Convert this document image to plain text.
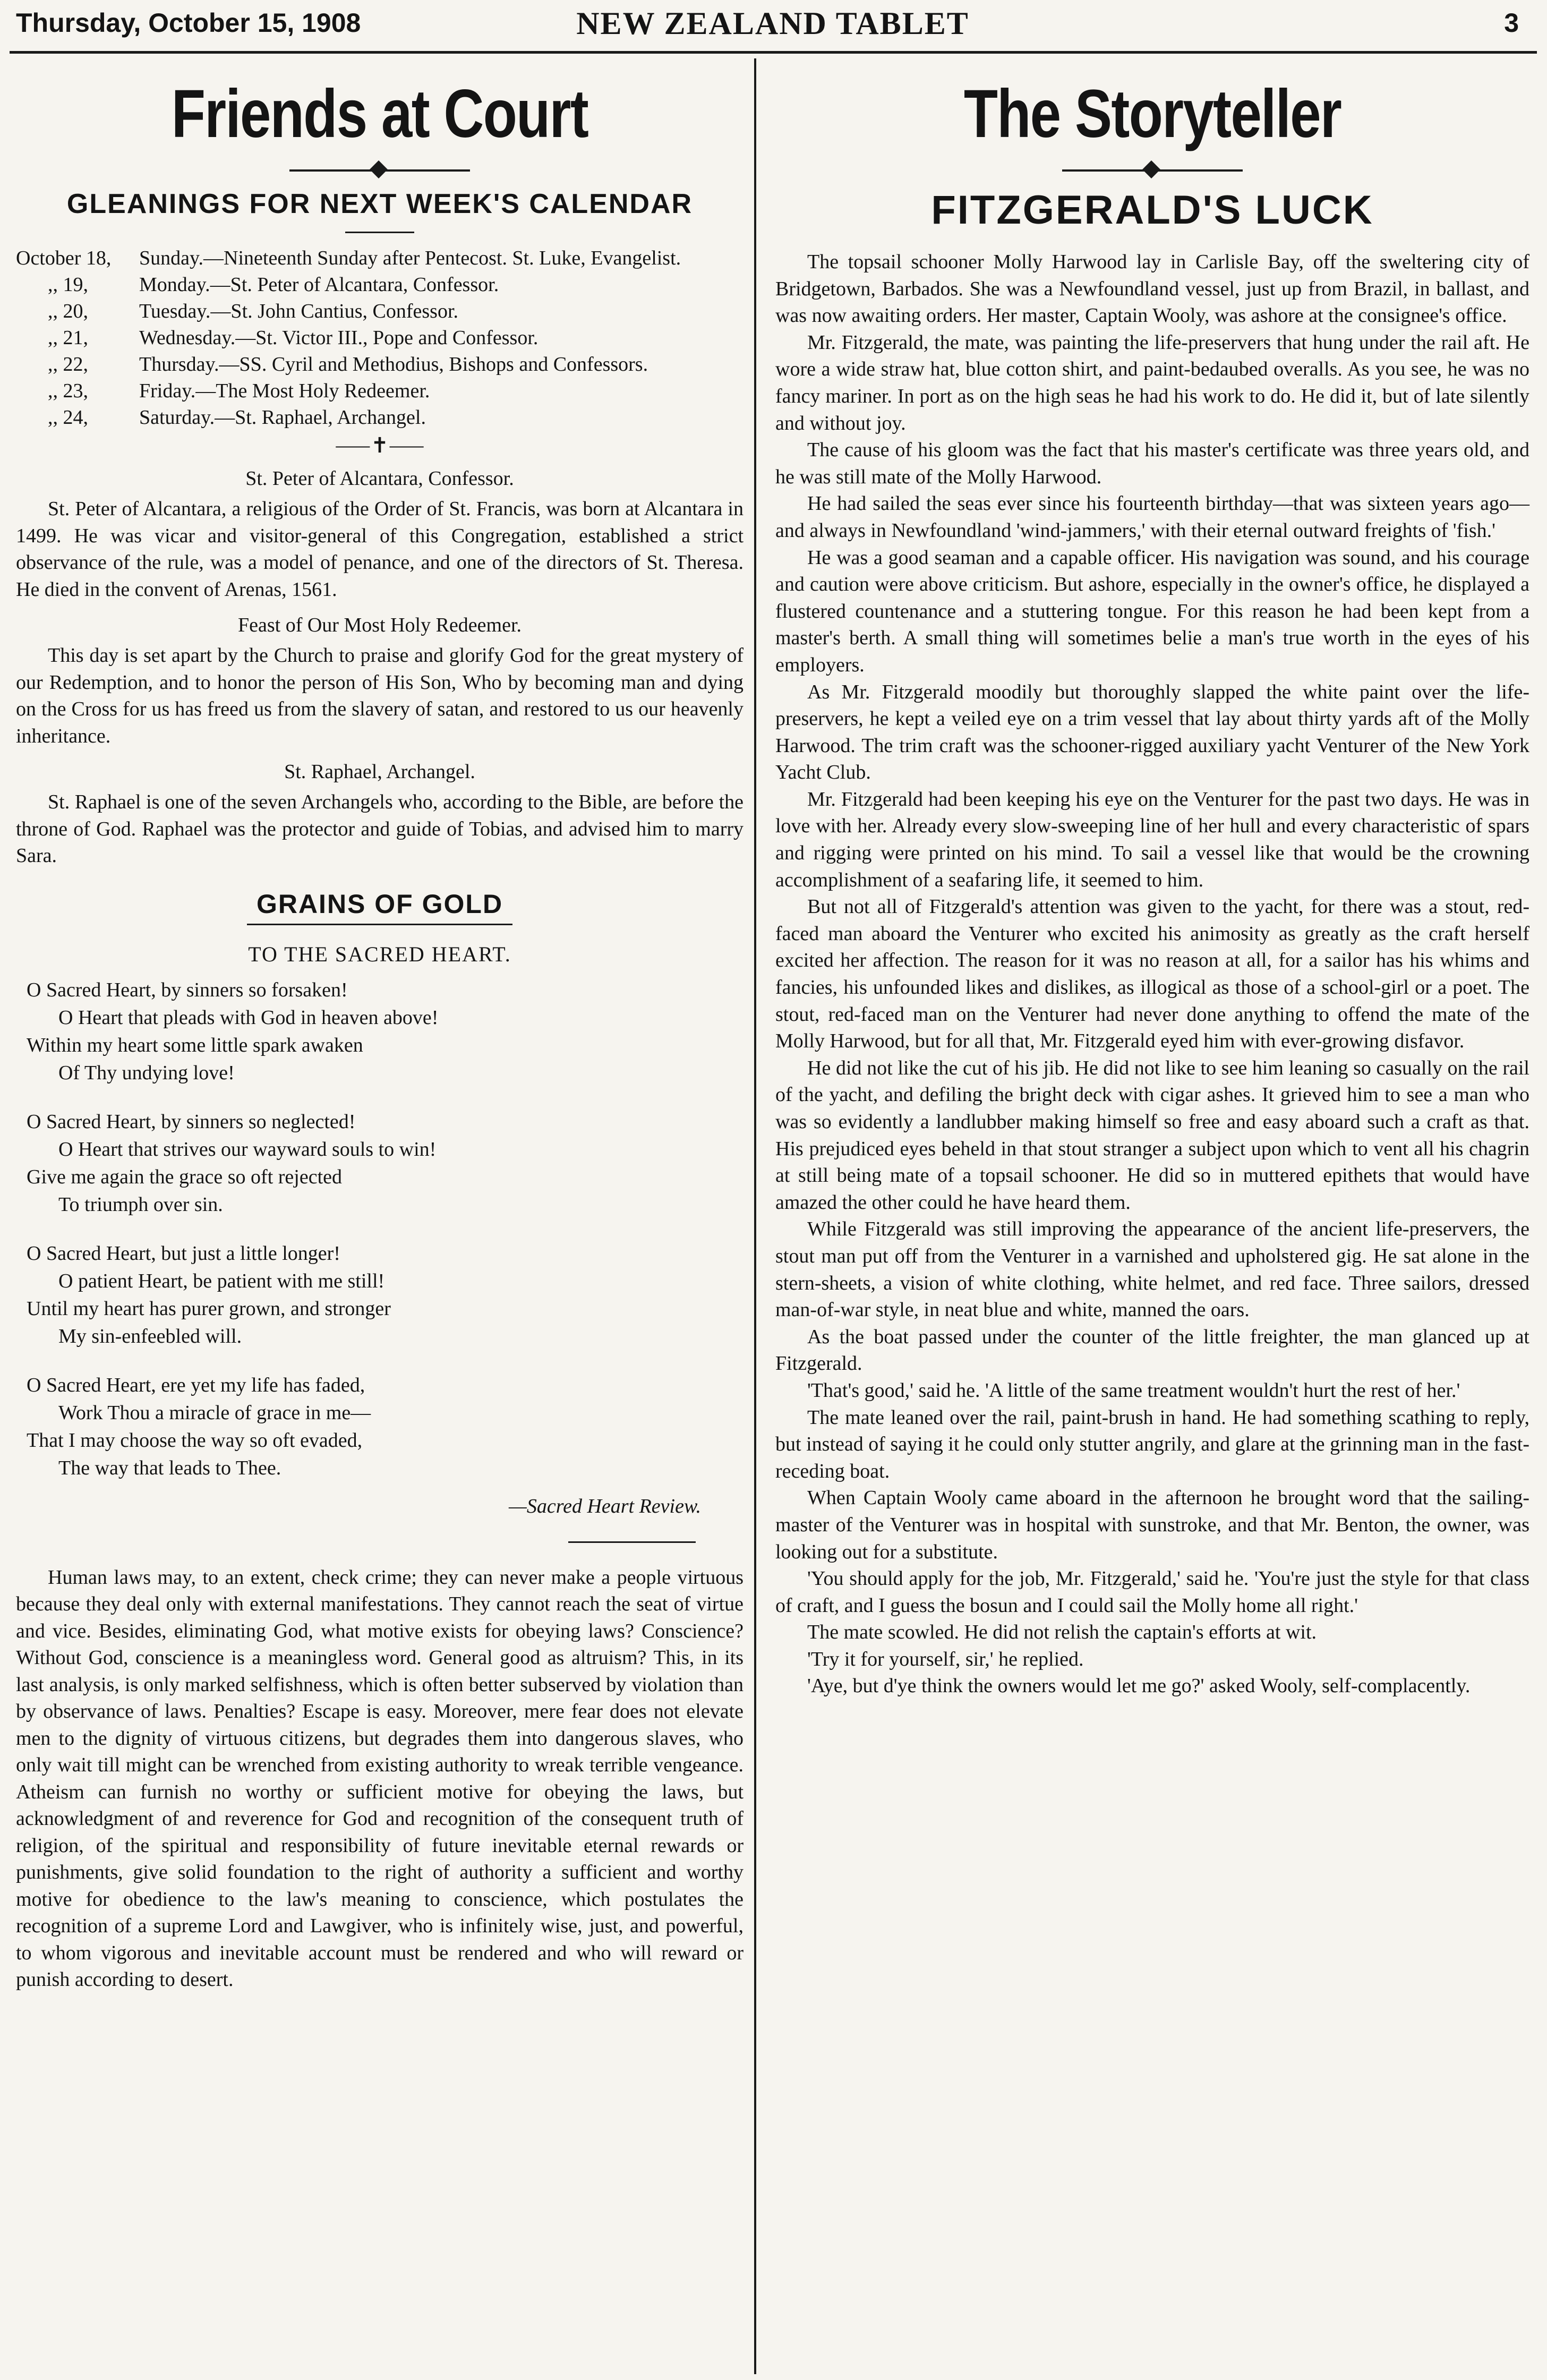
Thursday, October 15, 1908	NEW ZEALAND TABLET	3
Friends at Court
GLEANINGS FOR NEXT WEEK'S CALENDAR
October 18,	Sunday.—Nineteenth Sunday after Pentecost. St. Luke, Evangelist.
,, 19,	Monday.—St. Peter of Alcantara, Confessor.
,, 20,	Tuesday.—St. John Cantius, Confessor.
,, 21,	Wednesday.—St. Victor III., Pope and Confessor.
,, 22,	Thursday.—SS. Cyril and Methodius, Bishops and Confessors.
,, 23,	Friday.—The Most Holy Redeemer.
,, 24,	Saturday.—St. Raphael, Archangel.
⸺✝⸺
St. Peter of Alcantara, Confessor.

St. Peter of Alcantara, a religious of the Order of St. Francis, was born at Alcantara in 1499. He was vicar and visitor-general of this Congregation, established a strict observance of the rule, was a model of penance, and one of the directors of St. Theresa. He died in the convent of Arenas, 1561.

Feast of Our Most Holy Redeemer.

This day is set apart by the Church to praise and glorify God for the great mystery of our Redemption, and to honor the person of His Son, Who by becoming man and dying on the Cross for us has freed us from the slavery of satan, and restored to us our heavenly inheritance.

St. Raphael, Archangel.

St. Raphael is one of the seven Archangels who, according to the Bible, are before the throne of God. Raphael was the protector and guide of Tobias, and advised him to marry Sara.

GRAINS OF GOLD
TO THE SACRED HEART.
O Sacred Heart, by sinners so forsaken!
O Heart that pleads with God in heaven above!
Within my heart some little spark awaken
Of Thy undying love!
O Sacred Heart, by sinners so neglected!
O Heart that strives our wayward souls to win!
Give me again the grace so oft rejected
To triumph over sin.
O Sacred Heart, but just a little longer!
O patient Heart, be patient with me still!
Until my heart has purer grown, and stronger
My sin-enfeebled will.
O Sacred Heart, ere yet my life has faded,
Work Thou a miracle of grace in me—
That I may choose the way so oft evaded,
The way that leads to Thee.
—Sacred Heart Review.

Human laws may, to an extent, check crime; they can never make a people virtuous because they deal only with external manifestations. They cannot reach the seat of virtue and vice. Besides, eliminating God, what motive exists for obeying laws? Conscience? Without God, conscience is a meaningless word. General good as altruism? This, in its last analysis, is only marked selfishness, which is often better subserved by violation than by observance of laws. Penalties? Escape is easy. Moreover, mere fear does not elevate men to the dignity of virtuous citizens, but degrades them into dangerous slaves, who only wait till might can be wrenched from existing authority to wreak terrible vengeance. Atheism can furnish no worthy or sufficient motive for obeying the laws, but acknowledgment of and reverence for God and recognition of the consequent truth of religion, of the spiritual and responsibility of future inevitable eternal rewards or punishments, give solid foundation to the right of authority a sufficient and worthy motive for obedience to the law's meaning to conscience, which postulates the recognition of a supreme Lord and Lawgiver, who is infinitely wise, just, and powerful, to whom vigorous and inevitable account must be rendered and who will reward or punish according to desert.

The Storyteller
FITZGERALD'S LUCK

The topsail schooner Molly Harwood lay in Carlisle Bay, off the sweltering city of Bridgetown, Barbados. She was a Newfoundland vessel, just up from Brazil, in ballast, and was now awaiting orders. Her master, Captain Wooly, was ashore at the consignee's office.

Mr. Fitzgerald, the mate, was painting the life-preservers that hung under the rail aft. He wore a wide straw hat, blue cotton shirt, and paint-bedaubed overalls. As you see, he was no fancy mariner. In port as on the high seas he had his work to do. He did it, but of late silently and without joy.

The cause of his gloom was the fact that his master's certificate was three years old, and he was still mate of the Molly Harwood.

He had sailed the seas ever since his fourteenth birthday—that was sixteen years ago—and always in Newfoundland 'wind-jammers,' with their eternal outward freights of 'fish.'

He was a good seaman and a capable officer. His navigation was sound, and his courage and caution were above criticism. But ashore, especially in the owner's office, he displayed a flustered countenance and a stuttering tongue. For this reason he had been kept from a master's berth. A small thing will sometimes belie a man's true worth in the eyes of his employers.

As Mr. Fitzgerald moodily but thoroughly slapped the white paint over the life-preservers, he kept a veiled eye on a trim vessel that lay about thirty yards aft of the Molly Harwood. The trim craft was the schooner-rigged auxiliary yacht Venturer of the New York Yacht Club.

Mr. Fitzgerald had been keeping his eye on the Venturer for the past two days. He was in love with her. Already every slow-sweeping line of her hull and every characteristic of spars and rigging were printed on his mind. To sail a vessel like that would be the crowning accomplishment of a seafaring life, it seemed to him.

But not all of Fitzgerald's attention was given to the yacht, for there was a stout, red-faced man aboard the Venturer who excited his animosity as greatly as the craft herself excited her affection. The reason for it was no reason at all, for a sailor has his whims and fancies, his unfounded likes and dislikes, as illogical as those of a school-girl or a poet. The stout, red-faced man on the Venturer had never done anything to offend the mate of the Molly Harwood, but for all that, Mr. Fitzgerald eyed him with ever-growing disfavor.

He did not like the cut of his jib. He did not like to see him leaning so casually on the rail of the yacht, and defiling the bright deck with cigar ashes. It grieved him to see a man who was so evidently a landlubber making himself so free and easy aboard such a craft as that. His prejudiced eyes beheld in that stout stranger a subject upon which to vent all his chagrin at still being mate of a topsail schooner. He did so in muttered epithets that would have amazed the other could he have heard them.

While Fitzgerald was still improving the appearance of the ancient life-preservers, the stout man put off from the Venturer in a varnished and upholstered gig. He sat alone in the stern-sheets, a vision of white clothing, white helmet, and red face. Three sailors, dressed man-of-war style, in neat blue and white, manned the oars.

As the boat passed under the counter of the little freighter, the man glanced up at Fitzgerald.

'That's good,' said he. 'A little of the same treatment wouldn't hurt the rest of her.'

The mate leaned over the rail, paint-brush in hand. He had something scathing to reply, but instead of saying it he could only stutter angrily, and glare at the grinning man in the fast-receding boat.

When Captain Wooly came aboard in the afternoon he brought word that the sailing-master of the Venturer was in hospital with sunstroke, and that Mr. Benton, the owner, was looking out for a substitute.

'You should apply for the job, Mr. Fitzgerald,' said he. 'You're just the style for that class of craft, and I guess the bosun and I could sail the Molly home all right.'

The mate scowled. He did not relish the captain's efforts at wit.

'Try it for yourself, sir,' he replied.

'Aye, but d'ye think the owners would let me go?' asked Wooly, self-complacently.
